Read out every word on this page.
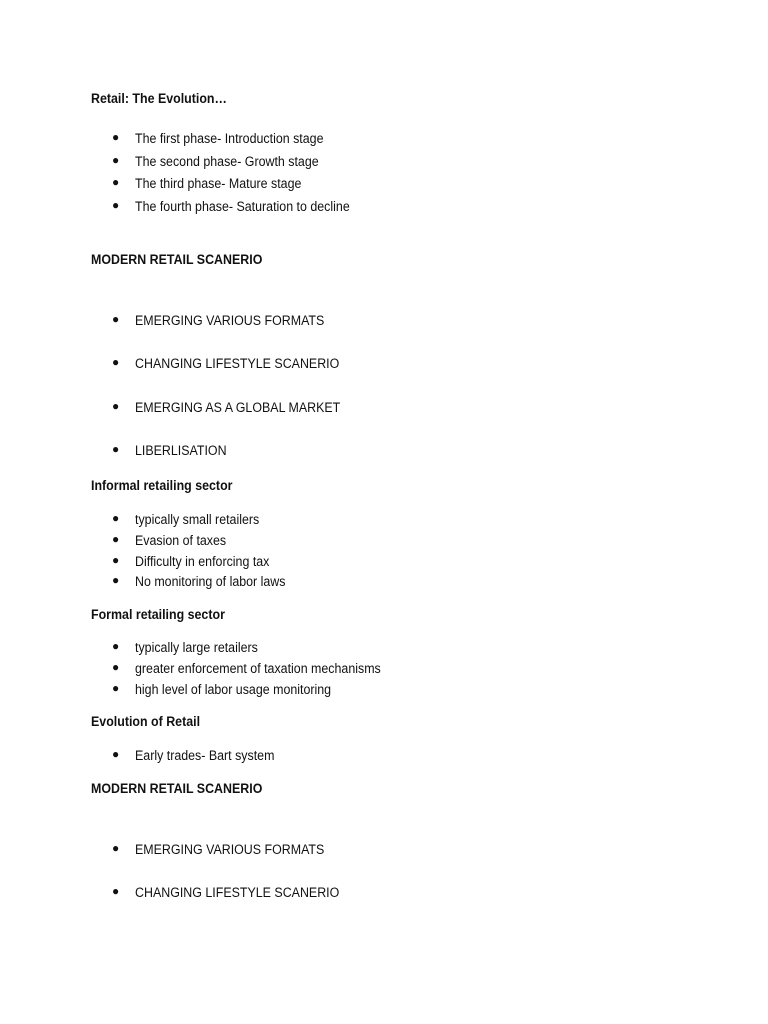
Retail: The Evolution…
● The first phase- Introduction stage
● The second phase- Growth stage
● The third phase- Mature stage
● The fourth phase- Saturation to decline
MODERN RETAIL SCANERIO
● EMERGING VARIOUS FORMATS
● CHANGING LIFESTYLE SCANERIO
● EMERGING AS A GLOBAL MARKET
● LIBERLISATION
Informal retailing sector
● typically small retailers
● Evasion of taxes
● Difficulty in enforcing tax
● No monitoring of labor laws
Formal retailing sector
● typically large retailers
● greater enforcement of taxation mechanisms
● high level of labor usage monitoring
Evolution of Retail
● Early trades- Bart system
MODERN RETAIL SCANERIO
● EMERGING VARIOUS FORMATS
● CHANGING LIFESTYLE SCANERIO
